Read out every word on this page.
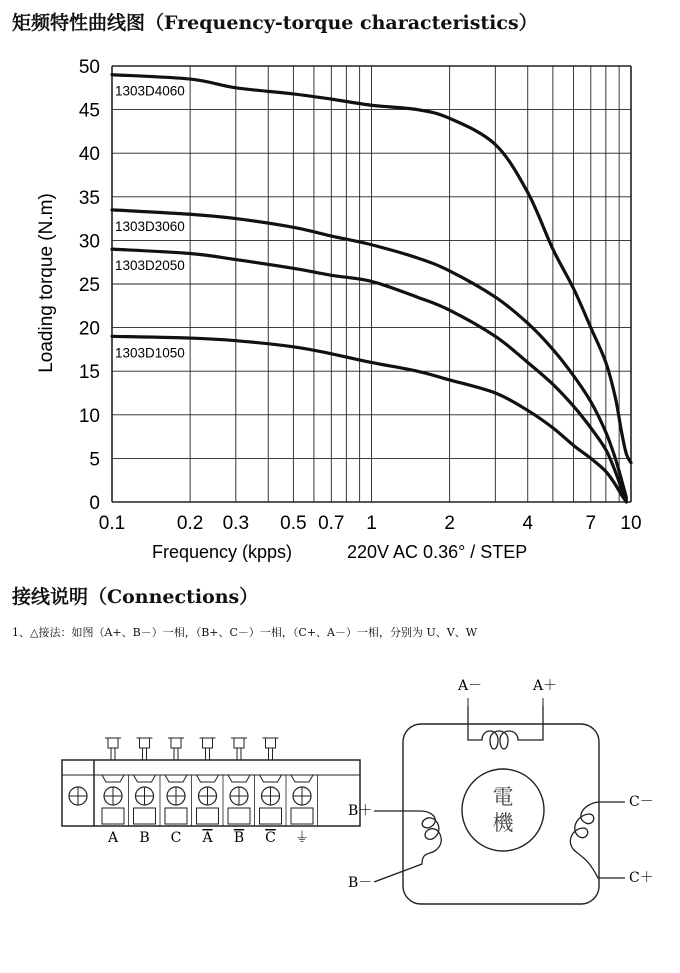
矩频特性曲线图（Frequency-torque characteristics）
0.1	0.2 0.3 0.5 0.7 1	2	4	7 10
0
5
10
15
20
25
30
35
40
45
50
1303D4060
1303D3060
1303D2050
1303D1050
Loading torque (N.m)
Frequency (kpps)	220V AC 0.36° / STEP
接线说明（Connections）
1、△接法：如图（A+、B－）一相，（B+、C－）一相，（C+、A－）一相，分别为 U、V、W
A B C A B C ⏚
電
機
A－	A＋
B＋
B－
C－
C＋
